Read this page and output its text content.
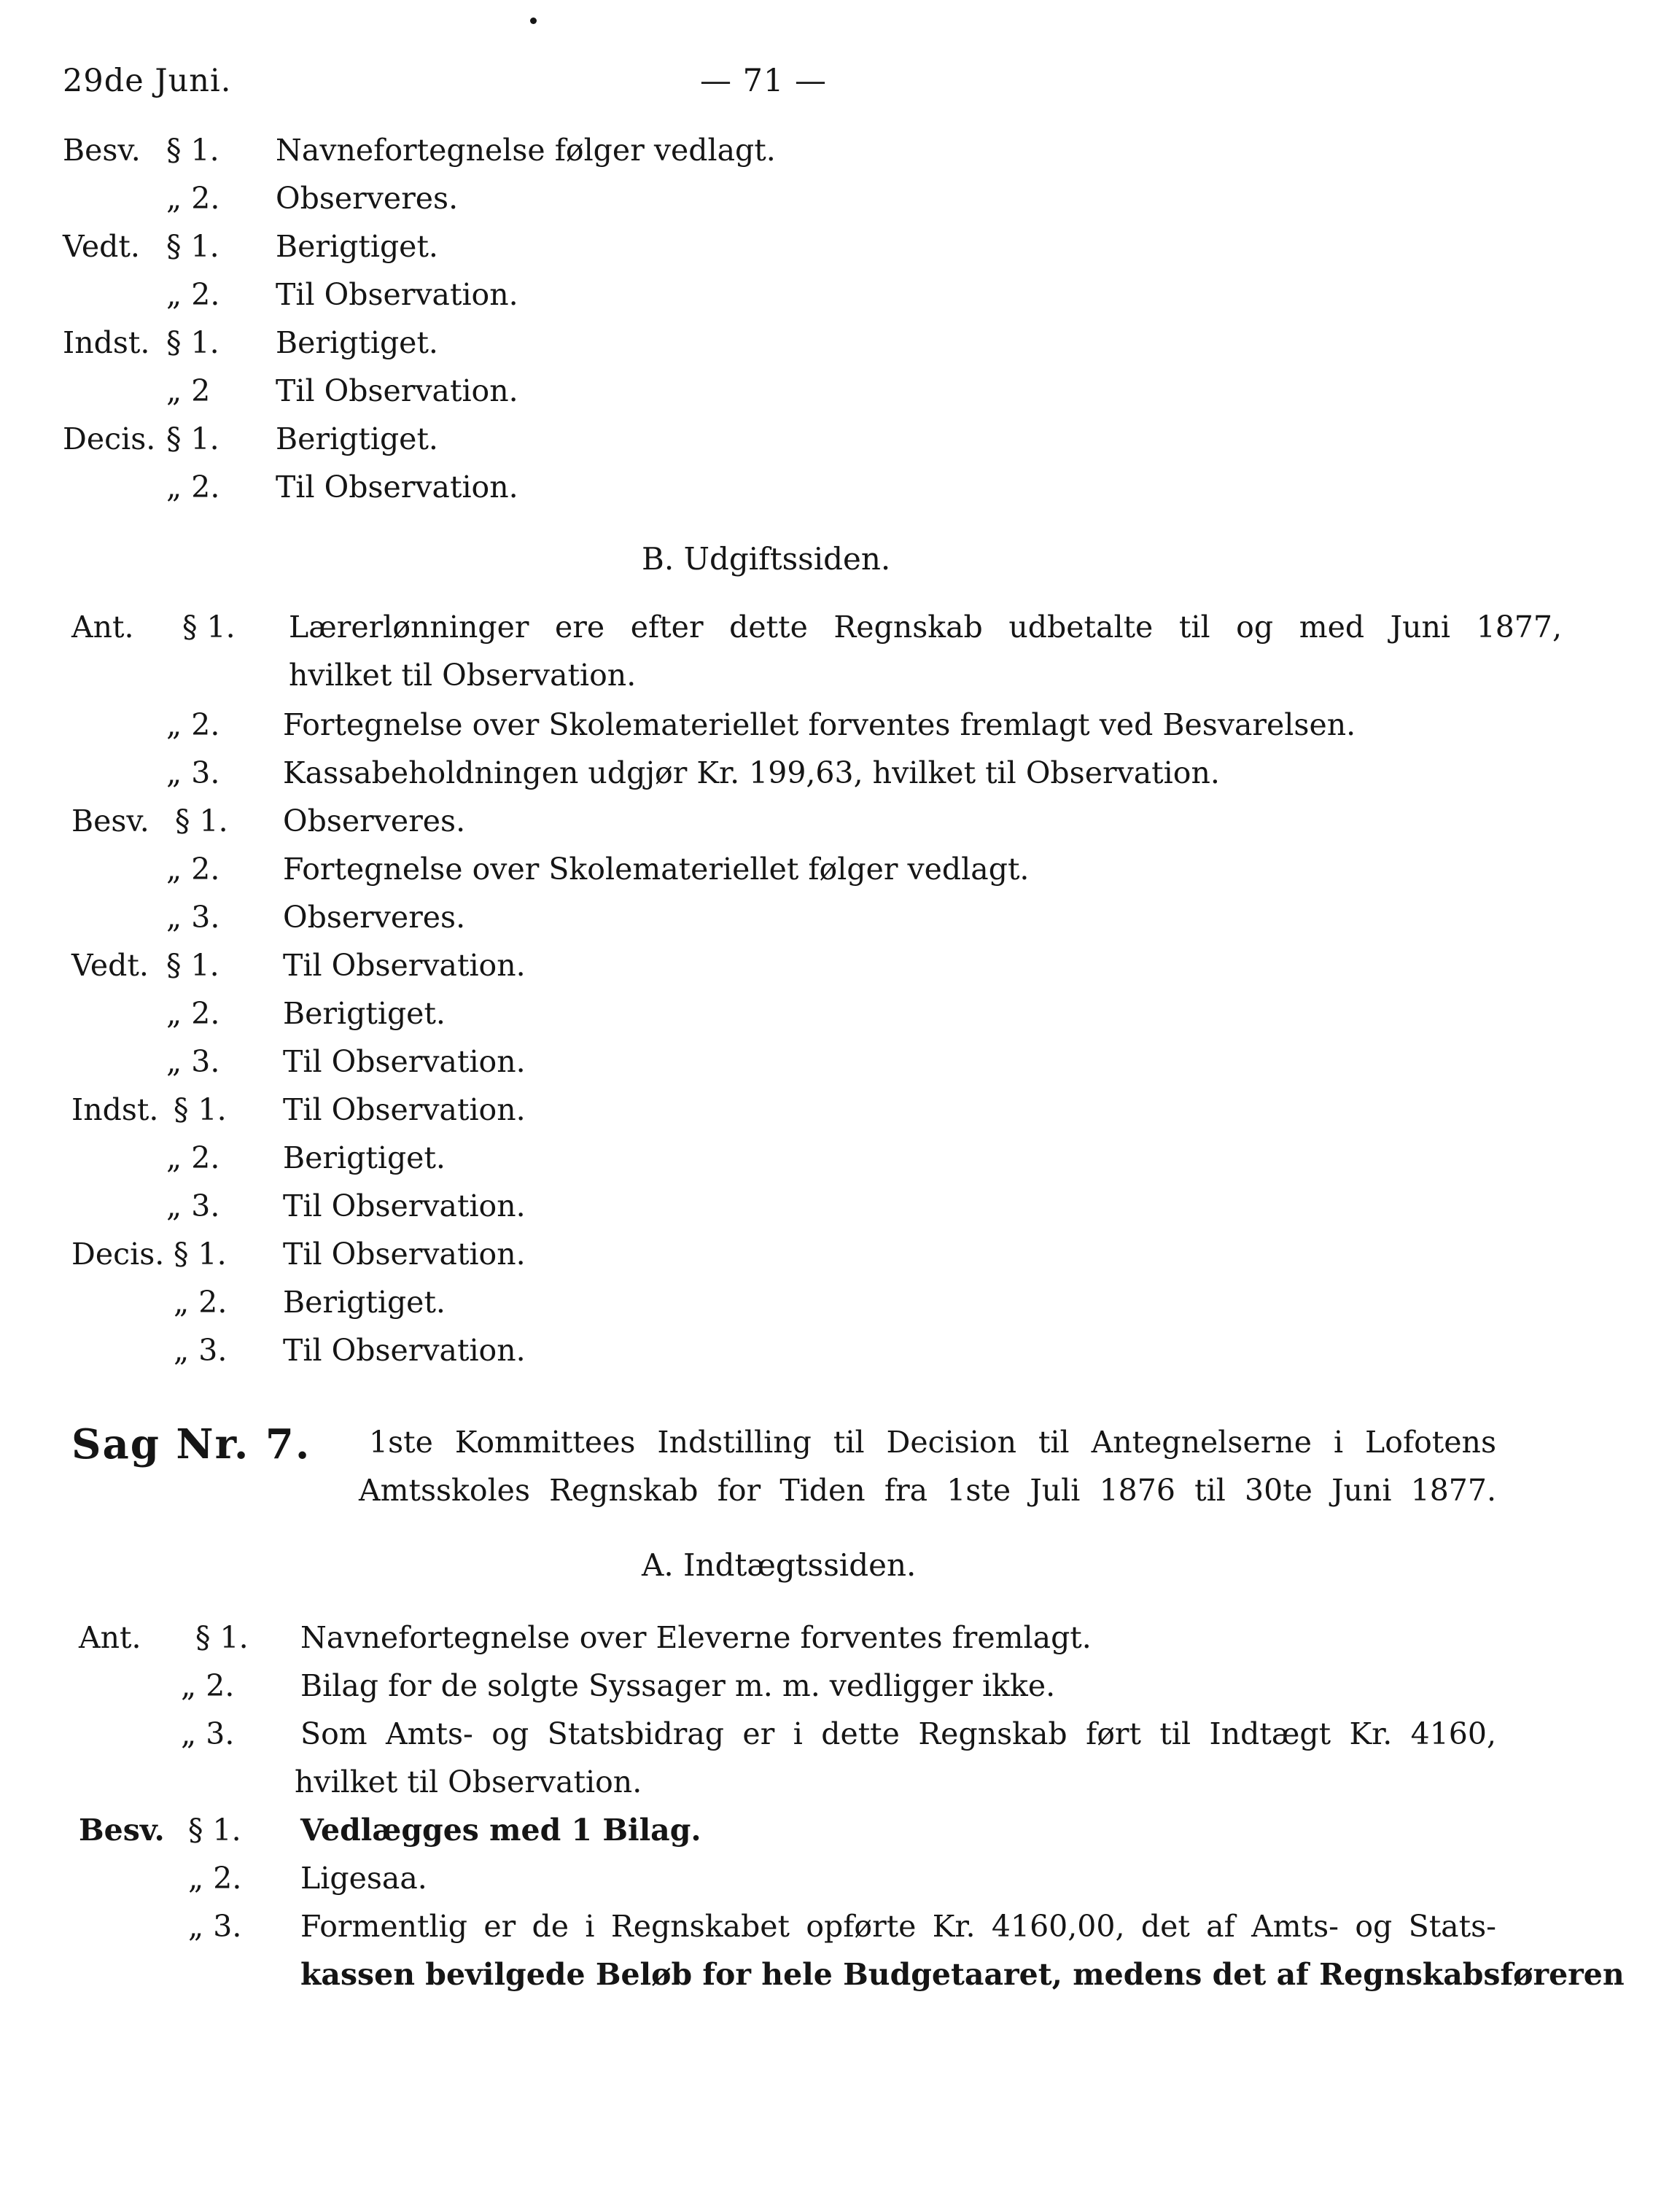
29de Juni.	— 71 —
Besv. § 1. Navnefortegnelse følger vedlagt.
„ 2. Observeres.
Vedt. § 1. Berigtiget.
„ 2. Til Observation.
Indst. § 1. Berigtiget.
„ 2 Til Observation.
Decis. § 1. Berigtiget.
„ 2. Til Observation.
B. Udgiftssiden.
Ant. § 1. Lærerlønninger ere efter dette Regnskab udbetalte til og med Juni 1877,
hvilket til Observation.
„ 2. Fortegnelse over Skolemateriellet forventes fremlagt ved Besvarelsen.
„ 3. Kassabeholdningen udgjør Kr. 199,63, hvilket til Observation.
Besv. § 1. Observeres.
„ 2. Fortegnelse over Skolemateriellet følger vedlagt.
„ 3. Observeres.
Vedt. § 1. Til Observation.
„ 2. Berigtiget.
„ 3. Til Observation.
Indst. § 1. Til Observation.
„ 2. Berigtiget.
„ 3. Til Observation.
Decis. § 1. Til Observation.
„ 2. Berigtiget.
„ 3. Til Observation.
Sag Nr. 7. 1ste Kommittees Indstilling til Decision til Antegnelserne i Lofotens
Amtsskoles Regnskab for Tiden fra 1ste Juli 1876 til 30te Juni 1877.
A. Indtægtssiden.
Ant. § 1. Navnefortegnelse over Eleverne forventes fremlagt.
„ 2. Bilag for de solgte Syssager m. m. vedligger ikke.
„ 3. Som Amts- og Statsbidrag er i dette Regnskab ført til Indtægt Kr. 4160,
hvilket til Observation.
Besv. § 1. Vedlægges med 1 Bilag.
„ 2. Ligesaa.
„ 3. Formentlig er de i Regnskabet opførte Kr. 4160,00, det af Amts- og Stats-
kassen bevilgede Beløb for hele Budgetaaret, medens det af Regnskabsføreren
